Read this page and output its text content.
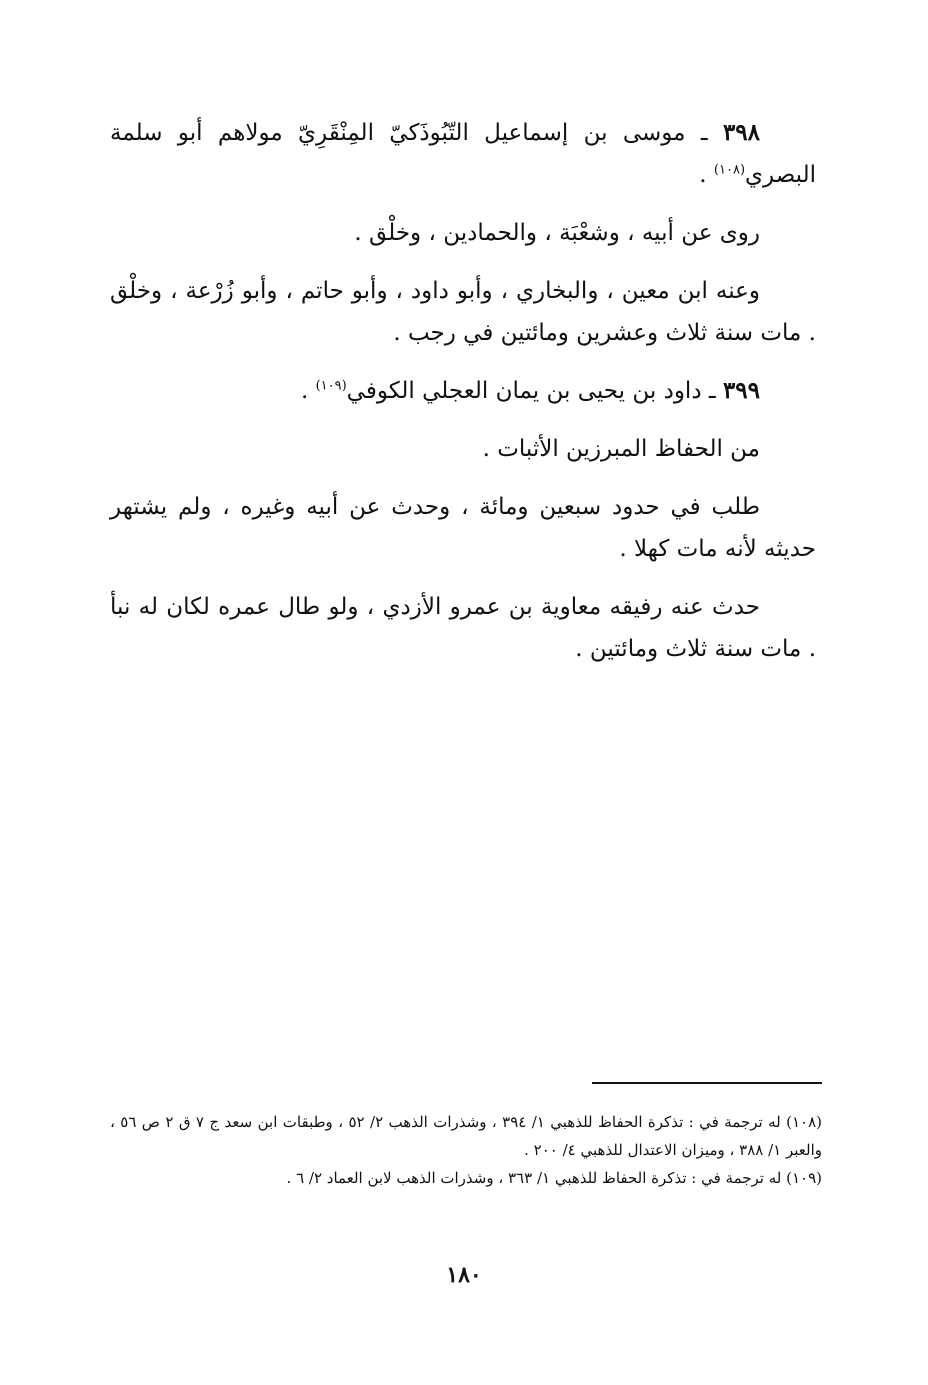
٣٩٨ ـ موسى بن إسماعيل التّبُوذَكيّ المِنْقَرِيّ مولاهم أبو سلمة البصري$^{(١٠٨)}$ .

روى عن أبيه ، وشعْبَة ، والحمادين ، وخلْق .

وعنه ابن معين ، والبخاري ، وأبو داود ، وأبو حاتم ، وأبو زُرْعة ، وخلْق . مات سنة ثلاث وعشرين ومائتين في رجب .

٣٩٩ ـ داود بن يحيى بن يمان العجلي الكوفي$^{(١٠٩)}$ .

من الحفاظ المبرزين الأثبات .

طلب في حدود سبعين ومائة ، وحدث عن أبيه وغيره ، ولم يشتهر حديثه لأنه مات كهلا .

حدث عنه رفيقه معاوية بن عمرو الأزدي ، ولو طال عمره لكان له نبأ . مات سنة ثلاث ومائتين .

(١٠٨) له ترجمة في : تذكرة الحفاظ للذهبي ١/ ٣٩٤ ، وشذرات الذهب ٢/ ٥٢ ، وطبقات ابن سعد ج ٧ ق ٢ ص ٥٦ ، والعبر ١/ ٣٨٨ ، وميزان الاعتدال للذهبي ٤/ ٢٠٠ .

(١٠٩) له ترجمة في : تذكرة الحفاظ للذهبي ١/ ٣٦٣ ، وشذرات الذهب لابن العماد ٢/ ٦ .

١٨٠
